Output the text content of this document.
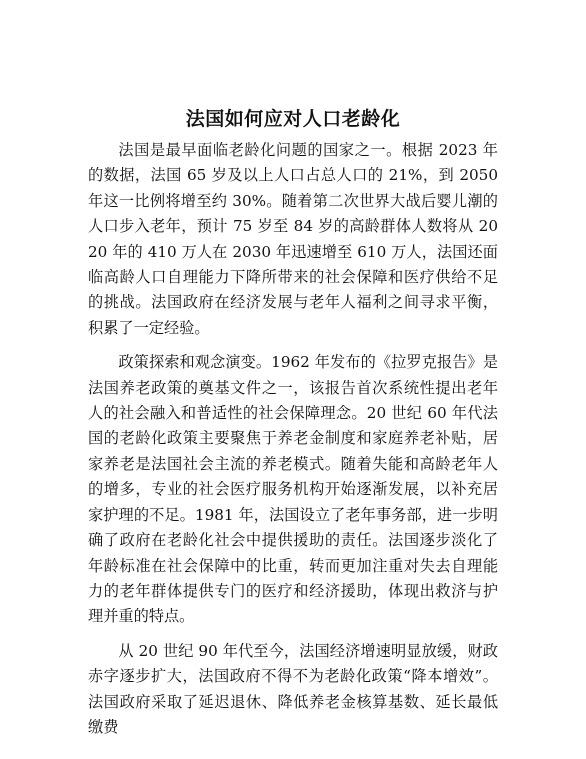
法国如何应对人口老龄化

法国是最早面临老龄化问题的国家之一。根据 2023 年的数据，法国 65 岁及以上人口占总人口的 21%，到 2050 年这一比例将增至约 30%。随着第二次世界大战后婴儿潮的人口步入老年，预计 75 岁至 84 岁的高龄群体人数将从 2020 年的 410 万人在 2030 年迅速增至 610 万人，法国还面临高龄人口自理能力下降所带来的社会保障和医疗供给不足的挑战。法国政府在经济发展与老年人福利之间寻求平衡，积累了一定经验。

政策探索和观念演变。1962 年发布的《拉罗克报告》是法国养老政策的奠基文件之一，该报告首次系统性提出老年人的社会融入和普适性的社会保障理念。20 世纪 60 年代法国的老龄化政策主要聚焦于养老金制度和家庭养老补贴，居家养老是法国社会主流的养老模式。随着失能和高龄老年人的增多，专业的社会医疗服务机构开始逐渐发展，以补充居家护理的不足。1981 年，法国设立了老年事务部，进一步明确了政府在老龄化社会中提供援助的责任。法国逐步淡化了年龄标准在社会保障中的比重，转而更加注重对失去自理能力的老年群体提供专门的医疗和经济援助，体现出救济与护理并重的特点。

从 20 世纪 90 年代至今，法国经济增速明显放缓，财政赤字逐步扩大，法国政府不得不为老龄化政策“降本增效”。法国政府采取了延迟退休、降低养老金核算基数、延长最低缴费
